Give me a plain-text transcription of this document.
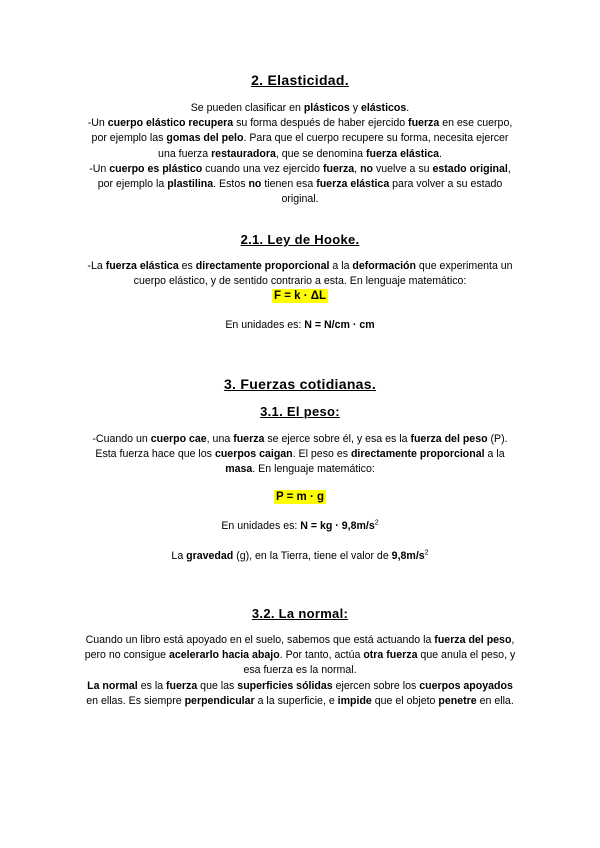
2. Elasticidad.
Se pueden clasificar en plásticos y elásticos.
-Un cuerpo elástico recupera su forma después de haber ejercido fuerza en ese cuerpo,
por ejemplo las gomas del pelo. Para que el cuerpo recupere su forma, necesita ejercer
una fuerza restauradora, que se denomina fuerza elástica.
-Un cuerpo es plástico cuando una vez ejercido fuerza, no vuelve a su estado original,
por ejemplo la plastilina. Estos no tienen esa fuerza elástica para volver a su estado
original.
2.1. Ley de Hooke.
-La fuerza elástica es directamente proporcional a la deformación que experimenta un
cuerpo elástico, y de sentido contrario a esta. En lenguaje matemático:
F = k · ΔL
En unidades es: N = N/cm · cm
3. Fuerzas cotidianas.
3.1. El peso:
-Cuando un cuerpo cae, una fuerza se ejerce sobre él, y esa es la fuerza del peso (P).
Esta fuerza hace que los cuerpos caigan. El peso es directamente proporcional a la
masa. En lenguaje matemático:
P = m · g
En unidades es: N = kg · $9,8m/s^2$
La gravedad (g), en la Tierra, tiene el valor de $9,8m/s^2$
3.2. La normal:
Cuando un libro está apoyado en el suelo, sabemos que está actuando la fuerza del peso,
pero no consigue acelerarlo hacia abajo. Por tanto, actúa otra fuerza que anula el peso, y
esa fuerza es la normal.
La normal es la fuerza que las superficies sólidas ejercen sobre los cuerpos apoyados
en ellas. Es siempre perpendicular a la superficie, e impide que el objeto penetre en ella.
